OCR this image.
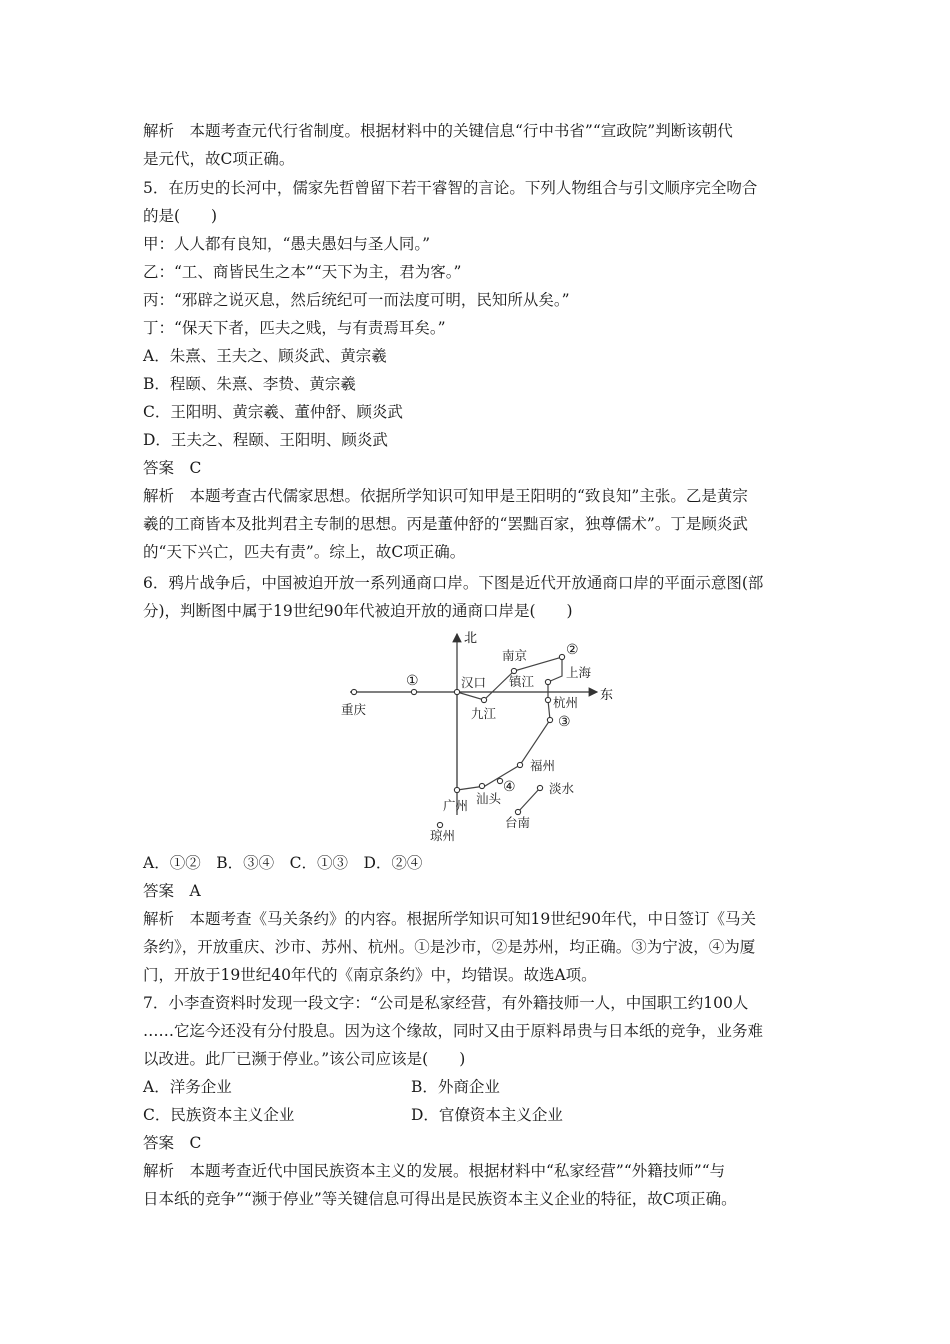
解析　本题考查元代行省制度。根据材料中的关键信息“行中书省”“宣政院”判断该朝代
是元代，故C项正确。
5．在历史的长河中，儒家先哲曾留下若干睿智的言论。下列人物组合与引文顺序完全吻合
的是(　　)
甲：人人都有良知，“愚夫愚妇与圣人同。”
乙：“工、商皆民生之本”“天下为主，君为客。”
丙：“邪辟之说灭息，然后统纪可一而法度可明，民知所从矣。”
丁：“保天下者，匹夫之贱，与有责焉耳矣。”
A．朱熹、王夫之、顾炎武、黄宗羲
B．程颐、朱熹、李贽、黄宗羲
C．王阳明、黄宗羲、董仲舒、顾炎武
D．王夫之、程颐、王阳明、顾炎武
答案　C
解析　本题考查古代儒家思想。依据所学知识可知甲是王阳明的“致良知”主张。乙是黄宗
羲的工商皆本及批判君主专制的思想。丙是董仲舒的“罢黜百家，独尊儒术”。丁是顾炎武
的“天下兴亡，匹夫有责”。综上，故C项正确。
6．鸦片战争后，中国被迫开放一系列通商口岸。下图是近代开放通商口岸的平面示意图(部
分)，判断图中属于19世纪90年代被迫开放的通商口岸是(　　)
北
东
重庆
①	汉口
九江
南京
镇江
②
上海
杭州
③
福州
④
汕头
广州
琼州
淡水
台南
A．①②　B．③④　C．①③　D．②④
答案　A
解析　本题考查《马关条约》的内容。根据所学知识可知19世纪90年代，中日签订《马关
条约》，开放重庆、沙市、苏州、杭州。①是沙市，②是苏州，均正确。③为宁波，④为厦
门，开放于19世纪40年代的《南京条约》中，均错误。故选A项。
7．小李查资料时发现一段文字：“公司是私家经营，有外籍技师一人，中国职工约100人
……它迄今还没有分付股息。因为这个缘故，同时又由于原料昂贵与日本纸的竞争，业务难
以改进。此厂已濒于停业。”该公司应该是(　　)
A．洋务企业	B．外商企业
C．民族资本主义企业	D．官僚资本主义企业
答案　C
解析　本题考查近代中国民族资本主义的发展。根据材料中“私家经营”“外籍技师”“与
日本纸的竞争”“濒于停业”等关键信息可得出是民族资本主义企业的特征，故C项正确。
